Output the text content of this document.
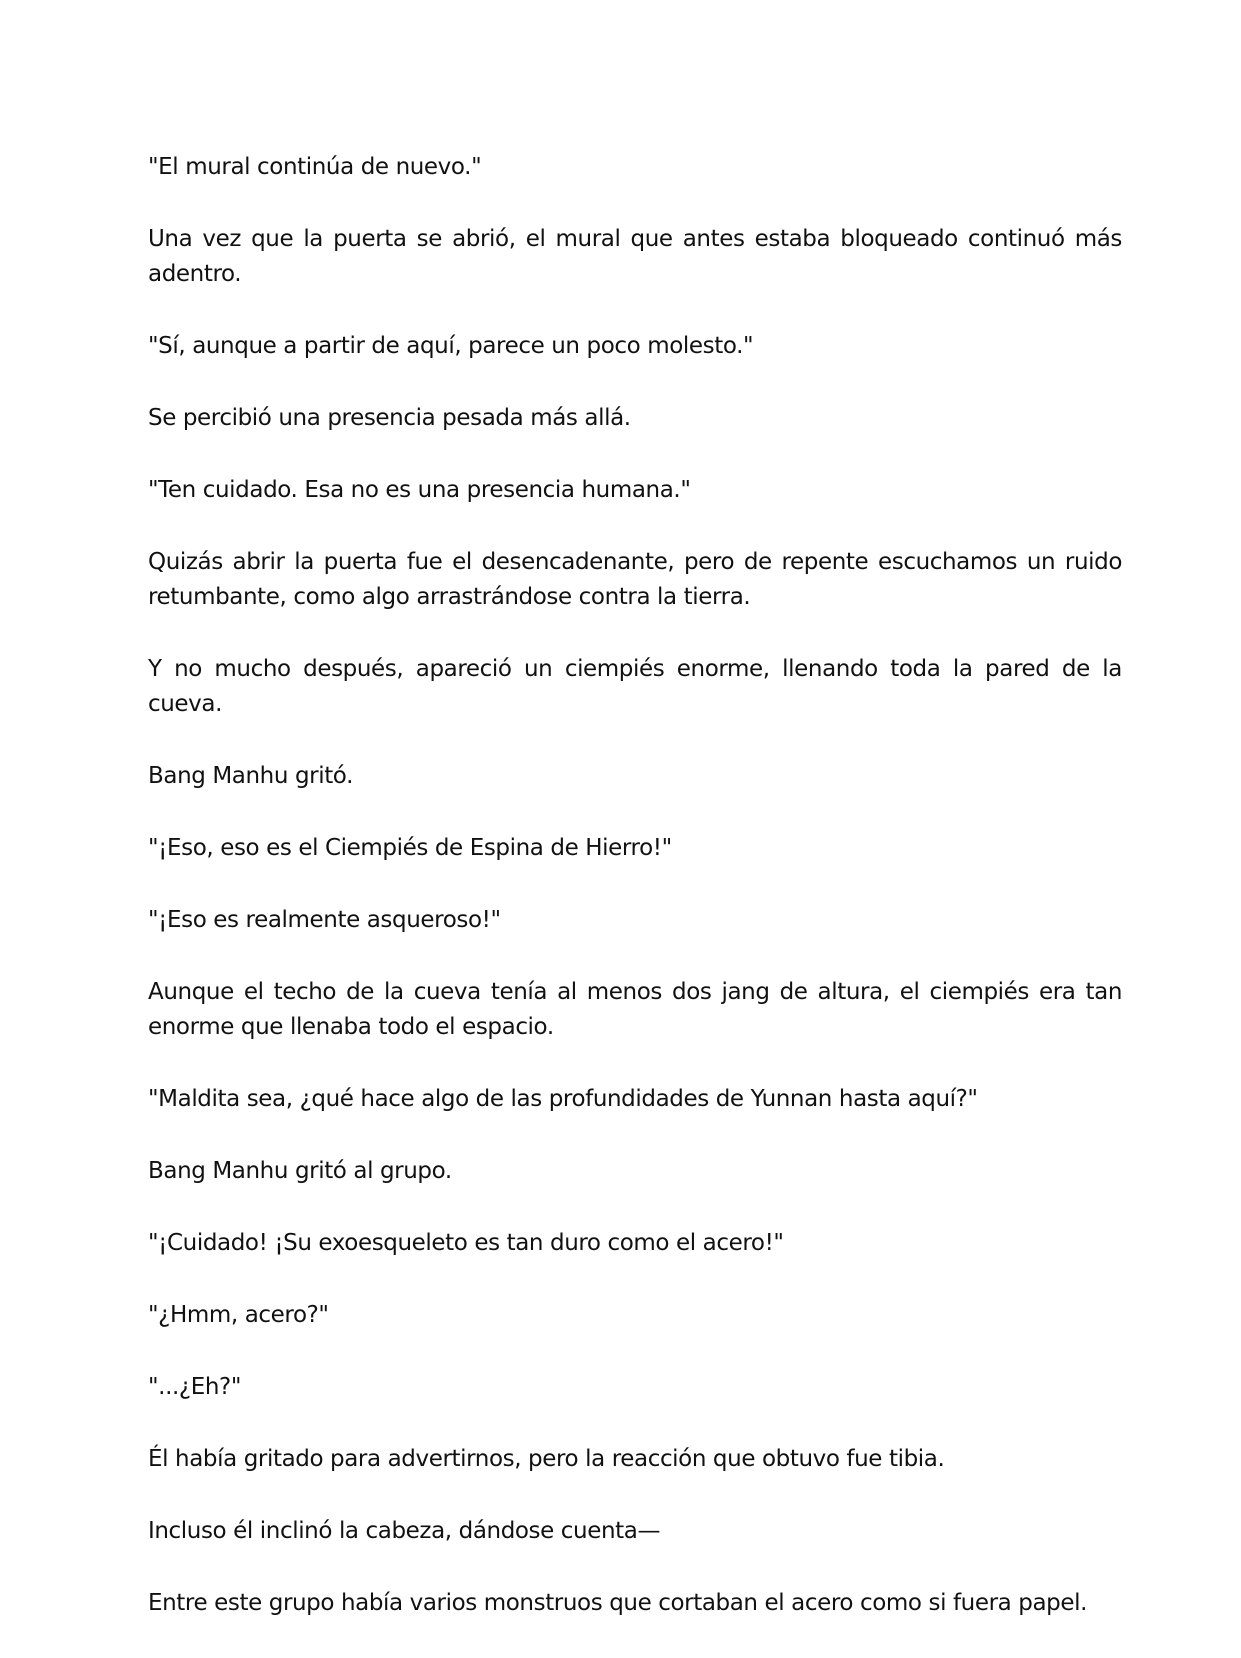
"El mural continúa de nuevo."

Una vez que la puerta se abrió, el mural que antes estaba bloqueado continuó más adentro.

"Sí, aunque a partir de aquí, parece un poco molesto."

Se percibió una presencia pesada más allá.

"Ten cuidado. Esa no es una presencia humana."

Quizás abrir la puerta fue el desencadenante, pero de repente escuchamos un ruido retumbante, como algo arrastrándose contra la tierra.

Y no mucho después, apareció un ciempiés enorme, llenando toda la pared de la cueva.

Bang Manhu gritó.

"¡Eso, eso es el Ciempiés de Espina de Hierro!"

"¡Eso es realmente asqueroso!"

Aunque el techo de la cueva tenía al menos dos jang de altura, el ciempiés era tan enorme que llenaba todo el espacio.

"Maldita sea, ¿qué hace algo de las profundidades de Yunnan hasta aquí?"

Bang Manhu gritó al grupo.

"¡Cuidado! ¡Su exoesqueleto es tan duro como el acero!"

"¿Hmm, acero?"

"...¿Eh?"

Él había gritado para advertirnos, pero la reacción que obtuvo fue tibia.

Incluso él inclinó la cabeza, dándose cuenta—

Entre este grupo había varios monstruos que cortaban el acero como si fuera papel.
